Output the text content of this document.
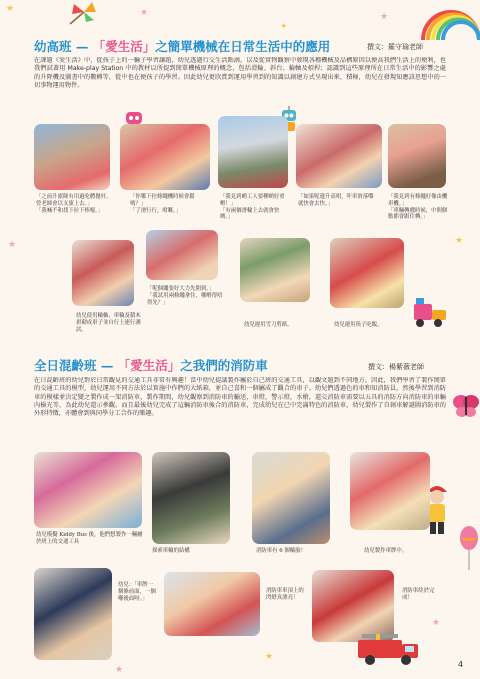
★	★	★
✦
★
★
★
★
★
幼高班 — 「愛生活」之簡單機械在日常生活中的應用	撰文：羅守瑜老師
在課題《愛生活》中，從孩子上的一輛子學習讓題，幼兒透過行交生活點滴，以及從實物觀察中發現各種機械及品構原因以便高我們生活上的便利，也我們試著用 Make-play Station 中的教材以所提到簡單機械原理的概念，包括滑輪、斜台、輪軸及槓桿；認識到這些原理所在日常生活中的影響之處的升降機及圖書中的數轉等，從中也在便孩子的學習。因此幼兒更欣賞到運用學習到的知識以創建方式呈現出來，積極，幼兒在發現知應該思想中的一切事物運用物件。
「之前升旗隊有用過吃體拋杆，曾老師會以支旗上去。」
「我喊不和找下拉下棒棍。」
「你哪下拉條繩機時候會鬆嗎？」
「了滑行行，咁嘅。」
「我見到啲工人要柳啲好重嘢！」
「有兩個滑輪上去就會快啲。」
「如果呢邊升高咁，吓車滑落嚟就快會去快。」
「我見到有條繩好像由機車機。」
「車輛轉戲時候，中間個點都會跟住轉。」
幼兒使用輪軸，車輪及積木拼砌成車子並自行上連行測試。
「呢個繩要好大力先開到。」
「我試用兩條繩拿住，哪嘢得唔得先？」
幼兒運用雪刀剪紙。	幼兒運用筷子吃飯。
全日混齡班 — 「愛生活」之我們的消防車	撰文：楊紫薇老師
在日混齡班的幼兒對於日常觀見的交通工具非常有興趣！當中幼兒提議製作屬於自己班的交通工具，以觀文題到不同地方。因此，我們學習了製作簡單的交通工具的模型，幼兒運用不同方法於以實施中作們的大紙箱，並自己喜和一個屬成了觀合的車子。幼兒們透過色的車和知消防員，然後學習到消防車的模樣並決定變之製作成一架消防車，製作期間，幼兒觀察到消防車的輸送，車燈，警示燈，水槍，還交消防車需要以五具的消防方向消防車的車輛內檢光等，為此幼兒還示參觀。而且最後幼兒完成了這輛消防車後合的消防車，完成幼兒在已中完滿特色的消防車，幼兒製作了自創車解謎圖消防車的外形特徵，亦體會到與同學分工合作的樂趣。
幼兒模擬 Kiddy Bus 後，他們想製作一輛屬於班上的交通工具
探索車輪的結構	消防車有 6 個輪胎！	幼兒製作車牌中。
幼兒：「車牌一個條前面，一個喺後面呀。」
消防車車頂上的閃燈真漂亮！
消防車終於完成！
4
